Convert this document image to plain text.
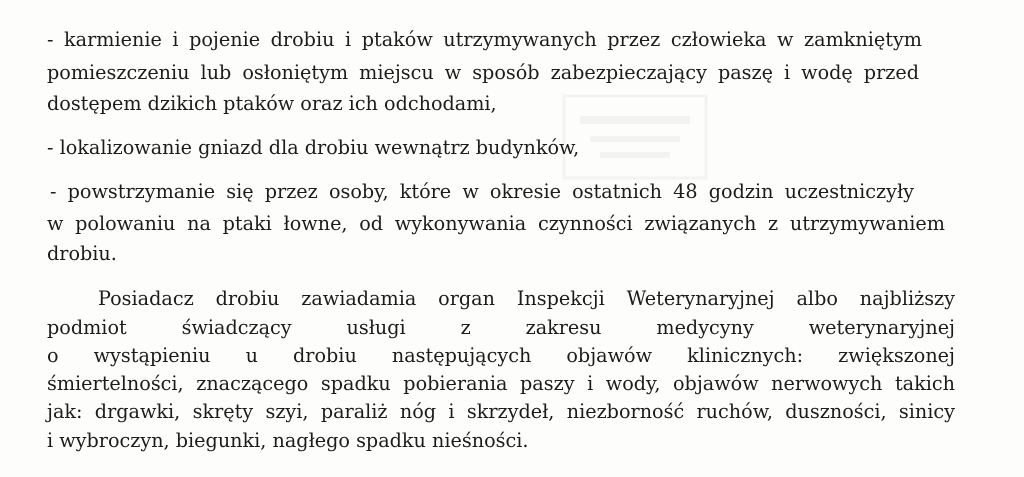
- karmienie i pojenie drobiu i ptaków utrzymywanych przez człowieka w zamkniętym
pomieszczeniu lub osłoniętym miejscu w sposób zabezpieczający paszę i wodę przed
dostępem dzikich ptaków oraz ich odchodami,
- lokalizowanie gniazd dla drobiu wewnątrz budynków,
- powstrzymanie się przez osoby, które w okresie ostatnich 48 godzin uczestniczyły
w polowaniu na ptaki łowne, od wykonywania czynności związanych z utrzymywaniem
drobiu.
Posiadacz drobiu zawiadamia organ Inspekcji Weterynaryjnej albo najbliższy
podmiot świadczący usługi z zakresu medycyny weterynaryjnej
o wystąpieniu u drobiu następujących objawów klinicznych: zwiększonej
śmiertelności, znaczącego spadku pobierania paszy i wody, objawów nerwowych takich
jak: drgawki, skręty szyi, paraliż nóg i skrzydeł, niezborność ruchów, duszności, sinicy
i wybroczyn, biegunki, nagłego spadku nieśności.
